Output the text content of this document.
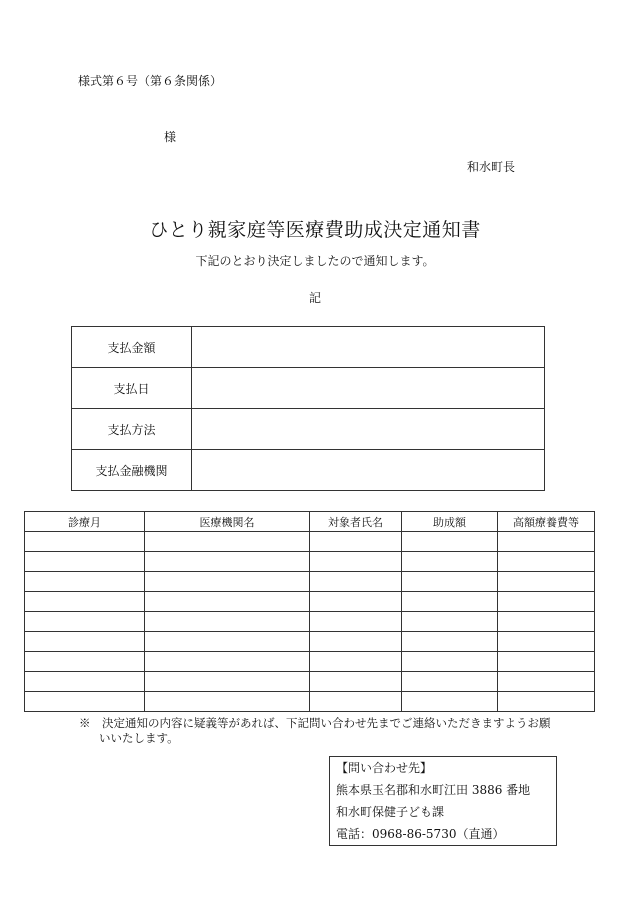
様式第６号（第６条関係）
様
和水町長
ひとり親家庭等医療費助成決定通知書
下記のとおり決定しましたので通知します。
記
支払金額	
支払日	
支払方法	
支払金融機関	
診療月	医療機関名	対象者氏名	助成額	高額療養費等

※　決定通知の内容に疑義等があれば、下記問い合わせ先までご連絡いただきますようお願いいたします。
【問い合わせ先】
熊本県玉名郡和水町江田 3886 番地
和水町保健子ども課
電話：0968-86-5730（直通）
